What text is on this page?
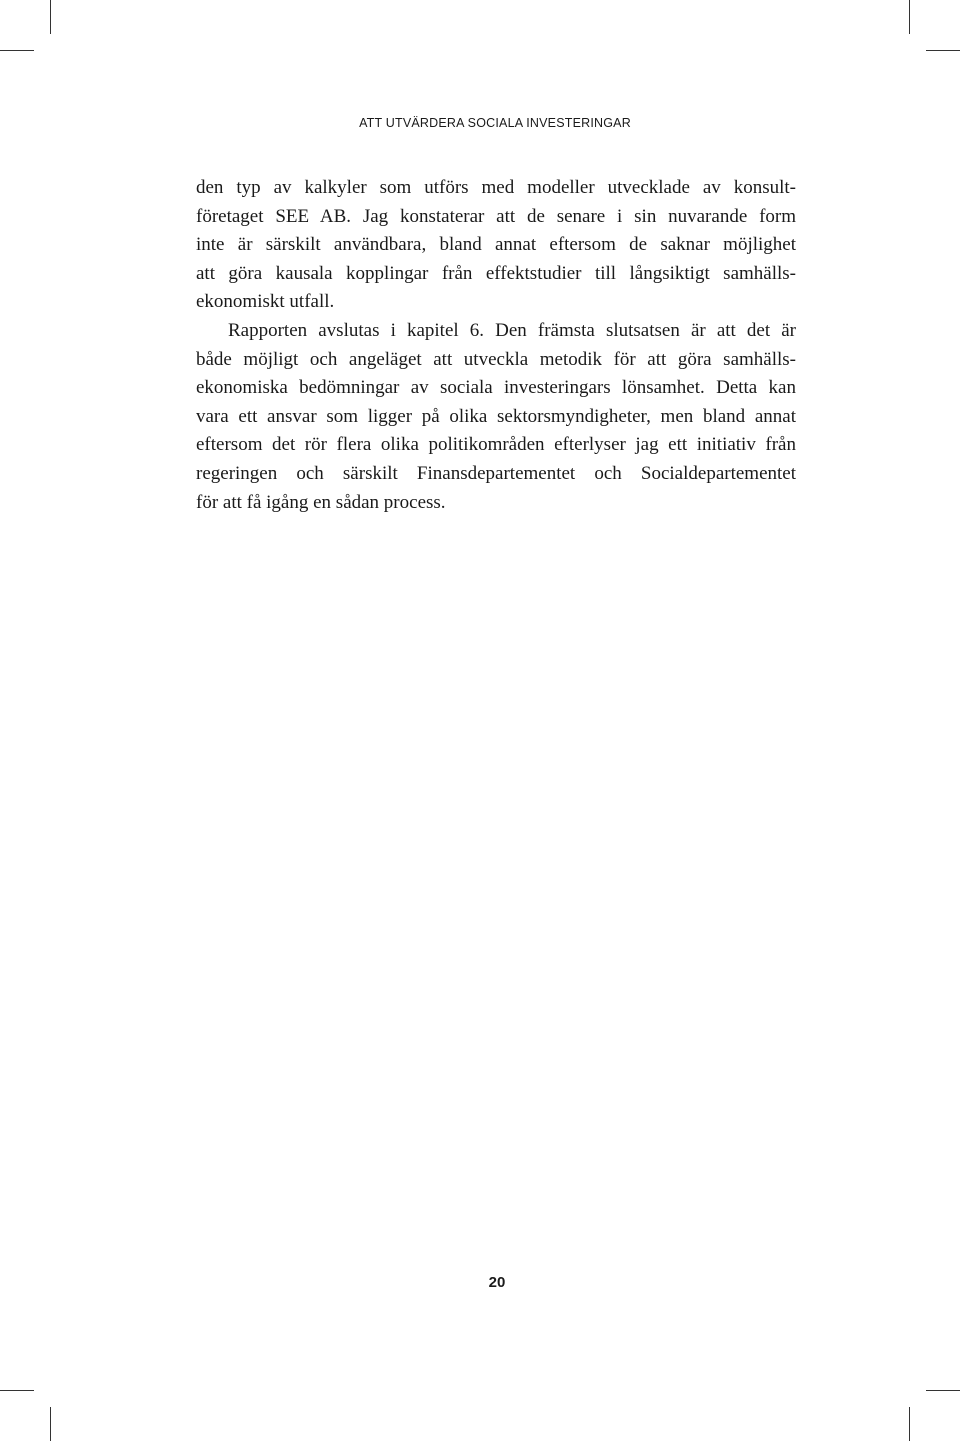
ATT UTVÄRDERA SOCIALA INVESTERINGAR
den typ av kalkyler som utförs med modeller utvecklade av konsult-
företaget SEE AB. Jag konstaterar att de senare i sin nuvarande form
inte är särskilt användbara, bland annat eftersom de saknar möjlighet
att göra kausala kopplingar från effektstudier till långsiktigt samhälls-
ekonomiskt utfall.
Rapporten avslutas i kapitel 6. Den främsta slutsatsen är att det är
både möjligt och angeläget att utveckla metodik för att göra samhälls-
ekonomiska bedömningar av sociala investeringars lönsamhet. Detta kan
vara ett ansvar som ligger på olika sektorsmyndigheter, men bland annat
eftersom det rör flera olika politikområden efterlyser jag ett initiativ från
regeringen och särskilt Finansdepartementet och Socialdepartementet
för att få igång en sådan process.
20
